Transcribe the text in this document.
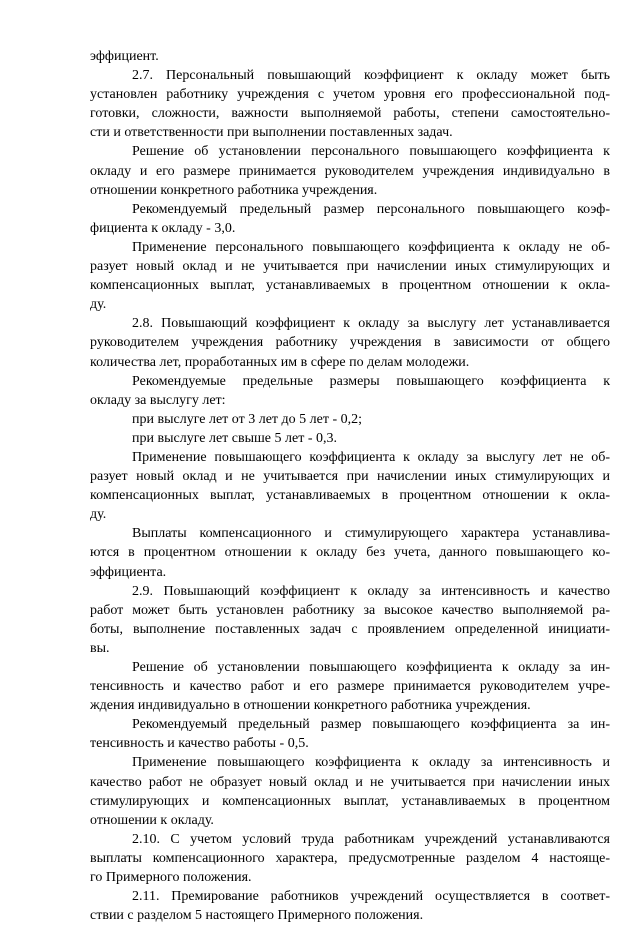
эффициент.
2.7. Персональный повышающий коэффициент к окладу может быть
установлен работнику учреждения с учетом уровня его профессиональной под-
готовки, сложности, важности выполняемой работы, степени самостоятельно-
сти и ответственности при выполнении поставленных задач.
Решение об установлении персонального повышающего коэффициента к
окладу и его размере принимается руководителем учреждения индивидуально в
отношении конкретного работника учреждения.
Рекомендуемый предельный размер персонального повышающего коэф-
фициента к окладу - 3,0.
Применение персонального повышающего коэффициента к окладу не об-
разует новый оклад и не учитывается при начислении иных стимулирующих и
компенсационных выплат, устанавливаемых в процентном отношении к окла-
ду.
2.8. Повышающий коэффициент к окладу за выслугу лет устанавливается
руководителем учреждения работнику учреждения в зависимости от общего
количества лет, проработанных им в сфере по делам молодежи.
Рекомендуемые предельные размеры повышающего коэффициента к
окладу за выслугу лет:
при выслуге лет от 3 лет до 5 лет - 0,2;
при выслуге лет свыше 5 лет - 0,3.
Применение повышающего коэффициента к окладу за выслугу лет не об-
разует новый оклад и не учитывается при начислении иных стимулирующих и
компенсационных выплат, устанавливаемых в процентном отношении к окла-
ду.
Выплаты компенсационного и стимулирующего характера устанавлива-
ются в процентном отношении к окладу без учета, данного повышающего ко-
эффициента.
2.9. Повышающий коэффициент к окладу за интенсивность и качество
работ может быть установлен работнику за высокое качество выполняемой ра-
боты, выполнение поставленных задач с проявлением определенной инициати-
вы.
Решение об установлении повышающего коэффициента к окладу за ин-
тенсивность и качество работ и его размере принимается руководителем учре-
ждения индивидуально в отношении конкретного работника учреждения.
Рекомендуемый предельный размер повышающего коэффициента за ин-
тенсивность и качество работы - 0,5.
Применение повышающего коэффициента к окладу за интенсивность и
качество работ не образует новый оклад и не учитывается при начислении иных
стимулирующих и компенсационных выплат, устанавливаемых в процентном
отношении к окладу.
2.10. С учетом условий труда работникам учреждений устанавливаются
выплаты компенсационного характера, предусмотренные разделом 4 настояще-
го Примерного положения.
2.11. Премирование работников учреждений осуществляется в соответ-
ствии с разделом 5 настоящего Примерного положения.
